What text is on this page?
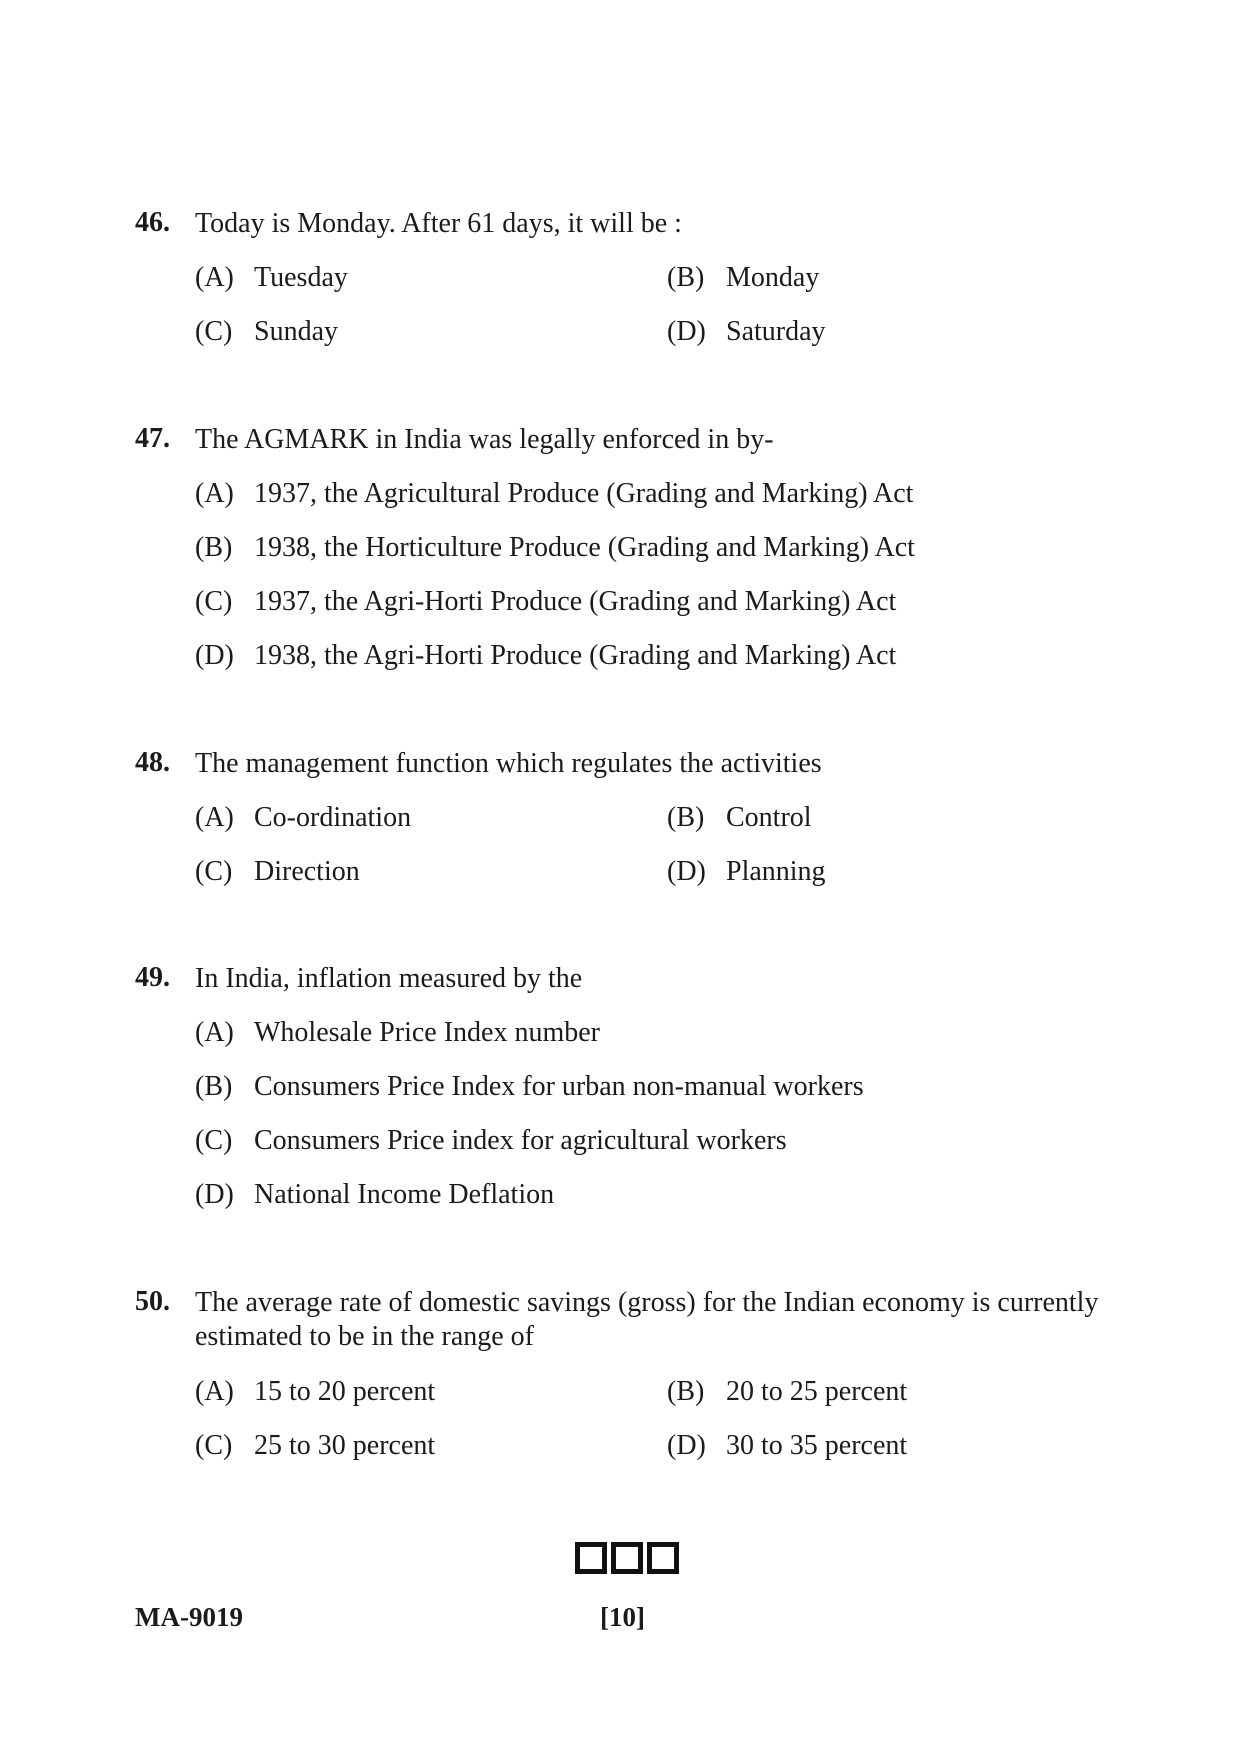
46. Today is Monday. After 61 days, it will be :
(A) Tuesday	(B) Monday
(C) Sunday	(D) Saturday
47. The AGMARK in India was legally enforced in by-
(A) 1937, the Agricultural Produce (Grading and Marking) Act
(B) 1938, the Horticulture Produce (Grading and Marking) Act
(C) 1937, the Agri-Horti Produce (Grading and Marking) Act
(D) 1938, the Agri-Horti Produce (Grading and Marking) Act
48. The management function which regulates the activities
(A) Co-ordination	(B) Control
(C) Direction	(D) Planning
49. In India, inflation measured by the
(A) Wholesale Price Index number
(B) Consumers Price Index for urban non-manual workers
(C) Consumers Price index for agricultural workers
(D) National Income Deflation
50. The average rate of domestic savings (gross) for the Indian economy is currently estimated to be in the range of
(A) 15 to 20 percent	(B) 20 to 25 percent
(C) 25 to 30 percent	(D) 30 to 35 percent
MA-9019	[10]
